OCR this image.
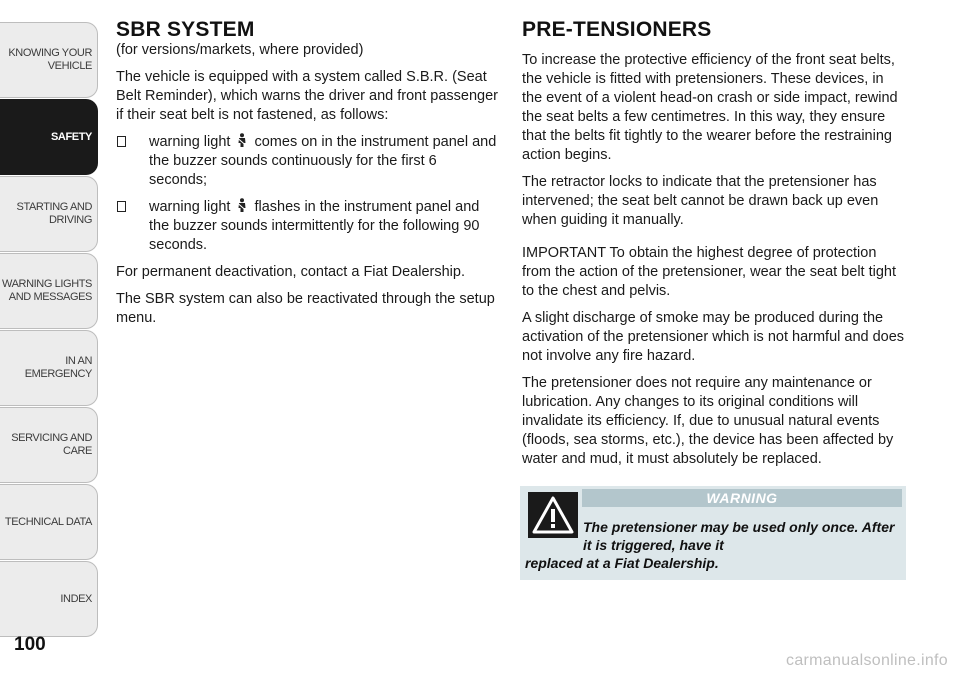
KNOWING YOUR VEHICLE
SAFETY
STARTING AND DRIVING
WARNING LIGHTS AND MESSAGES
IN AN EMERGENCY
SERVICING AND CARE
TECHNICAL DATA
INDEX
100
SBR SYSTEM

(for versions/markets, where provided)

The vehicle is equipped with a system called S.B.R. (Seat Belt Reminder), which warns the driver and front passenger if their seat belt is not fastened, as follows:

warning light comes on in the instrument panel and the buzzer sounds continuously for the first 6 seconds;
warning light flashes in the instrument panel and the buzzer sounds intermittently for the following 90 seconds.

For permanent deactivation, contact a Fiat Dealership.

The SBR system can also be reactivated through the setup menu.

PRE-TENSIONERS

To increase the protective efficiency of the front seat belts, the vehicle is fitted with pretensioners. These devices, in the event of a violent head-on crash or side impact, rewind the seat belts a few centimetres. In this way, they ensure that the belts fit tightly to the wearer before the restraining action begins.

The retractor locks to indicate that the pretensioner has intervened; the seat belt cannot be drawn back up even when guiding it manually.

IMPORTANT To obtain the highest degree of protection from the action of the pretensioner, wear the seat belt tight to the chest and pelvis.

A slight discharge of smoke may be produced during the activation of the pretensioner which is not harmful and does not involve any fire hazard.

The pretensioner does not require any maintenance or lubrication. Any changes to its original conditions will invalidate its efficiency. If, due to unusual natural events (floods, sea storms, etc.), the device has been affected by water and mud, it must absolutely be replaced.

WARNING
The pretensioner may be used only once. After it is triggered, have it
replaced at a Fiat Dealership.
carmanualsonline.info
